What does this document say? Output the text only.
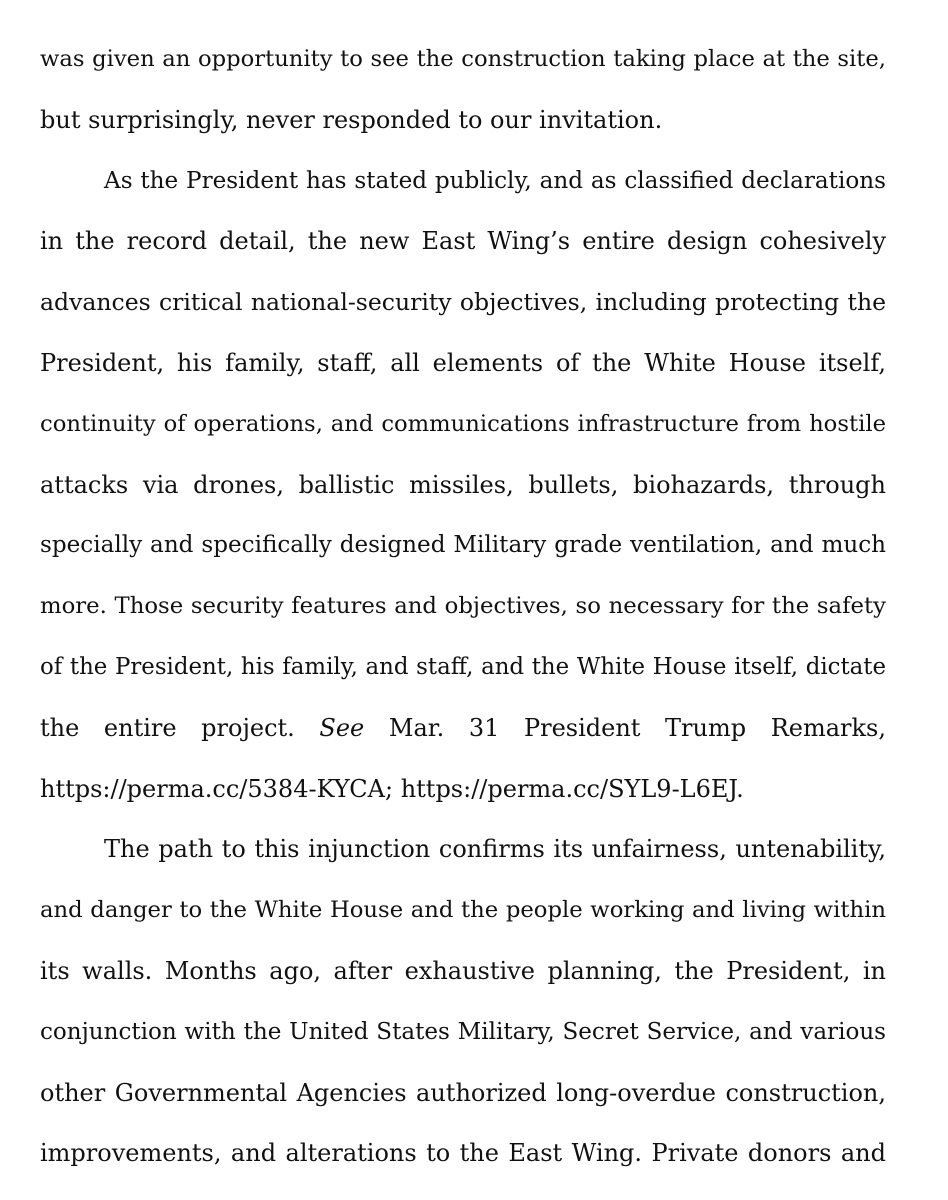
was given an opportunity to see the construction taking place at the site,
but surprisingly, never responded to our invitation.
As the President has stated publicly, and as classified declarations
in the record detail, the new East Wing’s entire design cohesively
advances critical national-security objectives, including protecting the
President, his family, staff, all elements of the White House itself,
continuity of operations, and communications infrastructure from hostile
attacks via drones, ballistic missiles, bullets, biohazards, through
specially and specifically designed Military grade ventilation, and much
more. Those security features and objectives, so necessary for the safety
of the President, his family, and staff, and the White House itself, dictate
the entire project. See Mar. 31 President Trump Remarks,
https://perma.cc/5384-KYCA; https://perma.cc/SYL9-L6EJ.
The path to this injunction confirms its unfairness, untenability,
and danger to the White House and the people working and living within
its walls. Months ago, after exhaustive planning, the President, in
conjunction with the United States Military, Secret Service, and various
other Governmental Agencies authorized long-overdue construction,
improvements, and alterations to the East Wing. Private donors and
